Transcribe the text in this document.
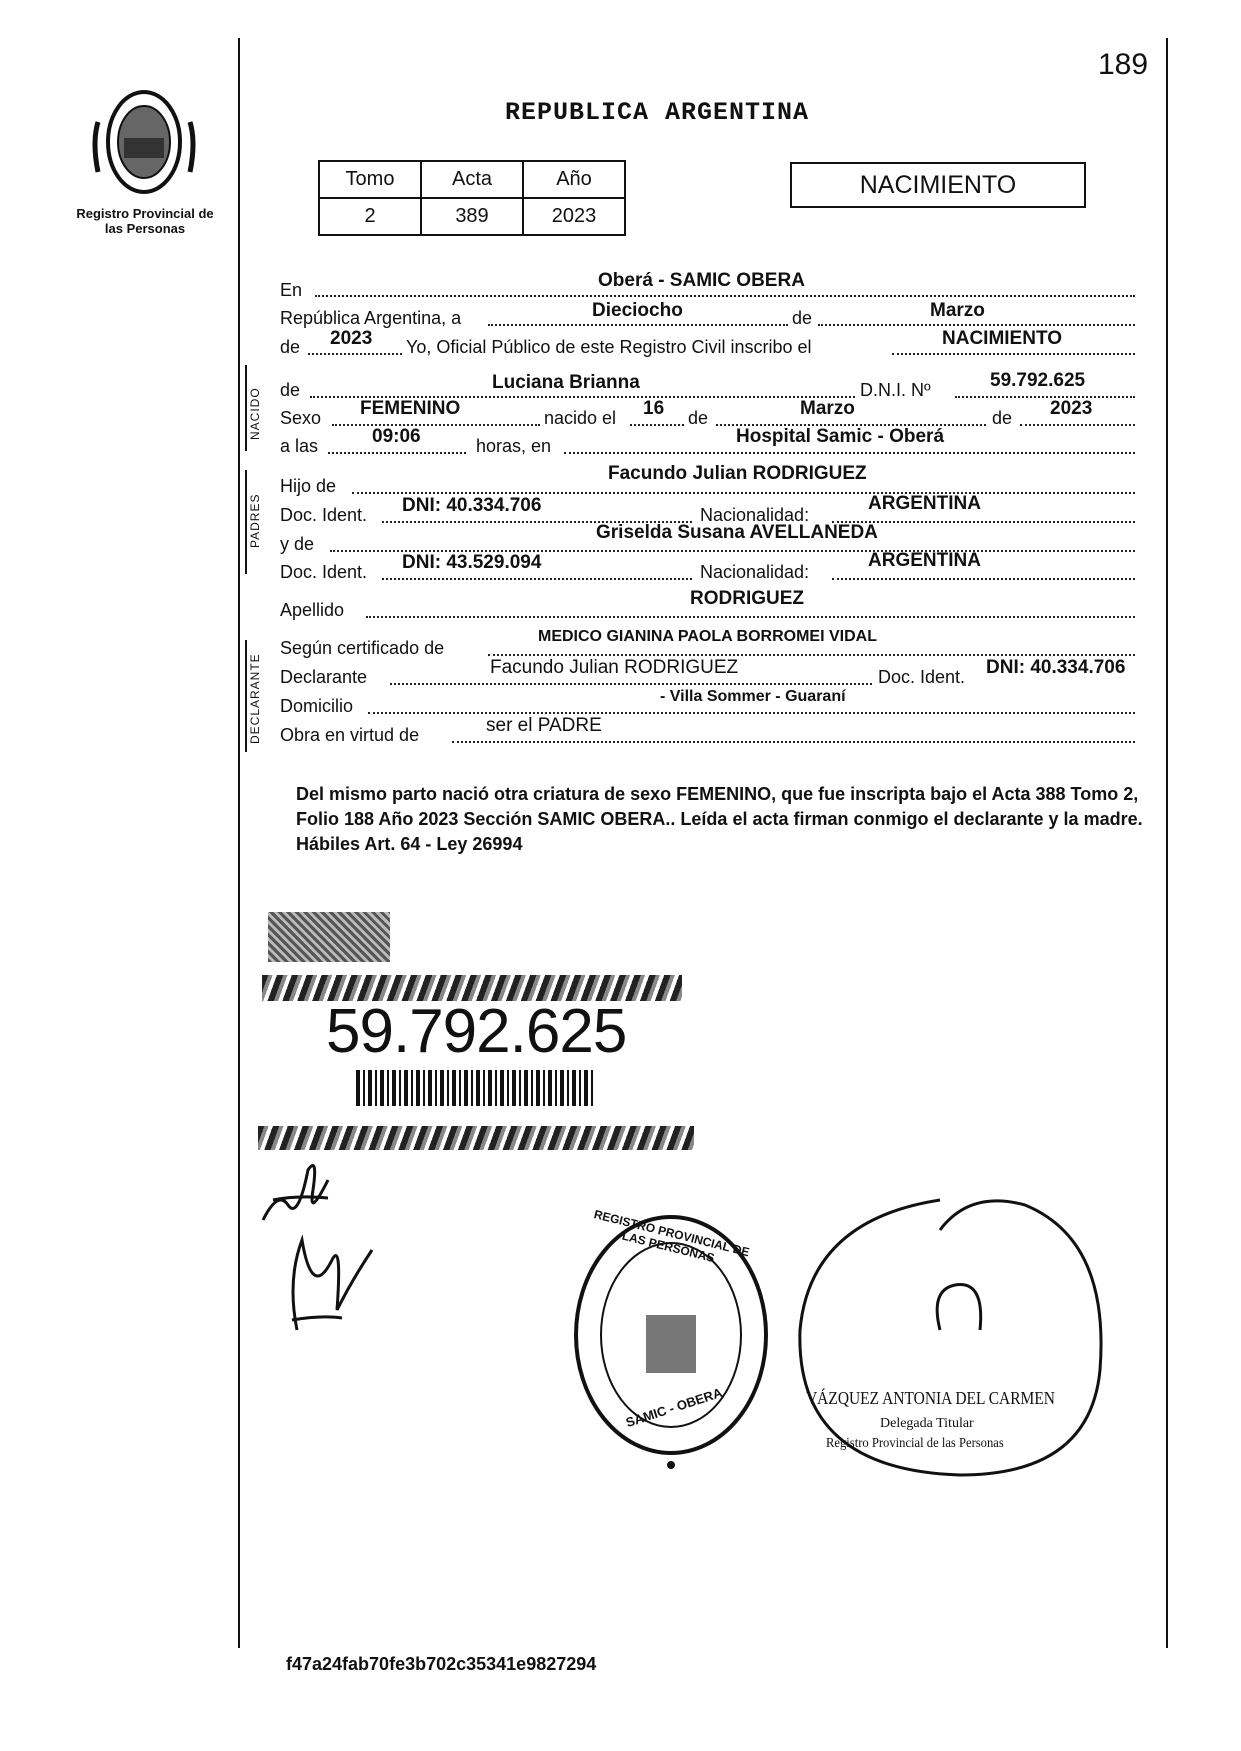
189
Registro Provincial de las Personas
REPUBLICA ARGENTINA
Tomo	Acta	Año
2	389	2023
NACIMIENTO
En	Oberá - SAMIC OBERA
República Argentina, a	Dieciocho	de	Marzo
de 2023 Yo, Oficial Público de este Registro Civil inscribo el	NACIMIENTO
NACIDO de	Luciana Brianna	D.N.I. Nº	59.792.625
Sexo FEMENINO	nacido el 16 de	Marzo	de 2023
a las	09:06	horas, en	Hospital Samic - Oberá
PADRES
Hijo de
Facundo Julian RODRIGUEZ
Doc. Ident. DNI: 40.334.706	Nacionalidad:
ARGENTINA
y de
Griselda Susana AVELLANEDA
Doc. Ident. DNI: 43.529.094	Nacionalidad:
ARGENTINA
Apellido
RODRIGUEZ
DECLARANTE
Según certificado de
MEDICO GIANINA PAOLA BORROMEI VIDAL
Declarante	Facundo Julian RODRIGUEZ	Doc. Ident. DNI: 40.334.706
Domicilio	- Villa Sommer - Guaraní
Obra en virtud de	ser el PADRE
Del mismo parto nació otra criatura de sexo FEMENINO, que fue inscripta bajo el Acta 388 Tomo 2, Folio 188 Año 2023 Sección SAMIC OBERA.. Leída el acta firman conmigo el declarante y la madre. Hábiles Art. 64 - Ley 26994
59.792.625
REGISTRO PROVINCIAL DE LAS PERSONAS
SAMIC - OBERA	VÁZQUEZ ANTONIA DEL CARMEN
Delegada Titular
Registro Provincial de las Personas
f47a24fab70fe3b702c35341e9827294
